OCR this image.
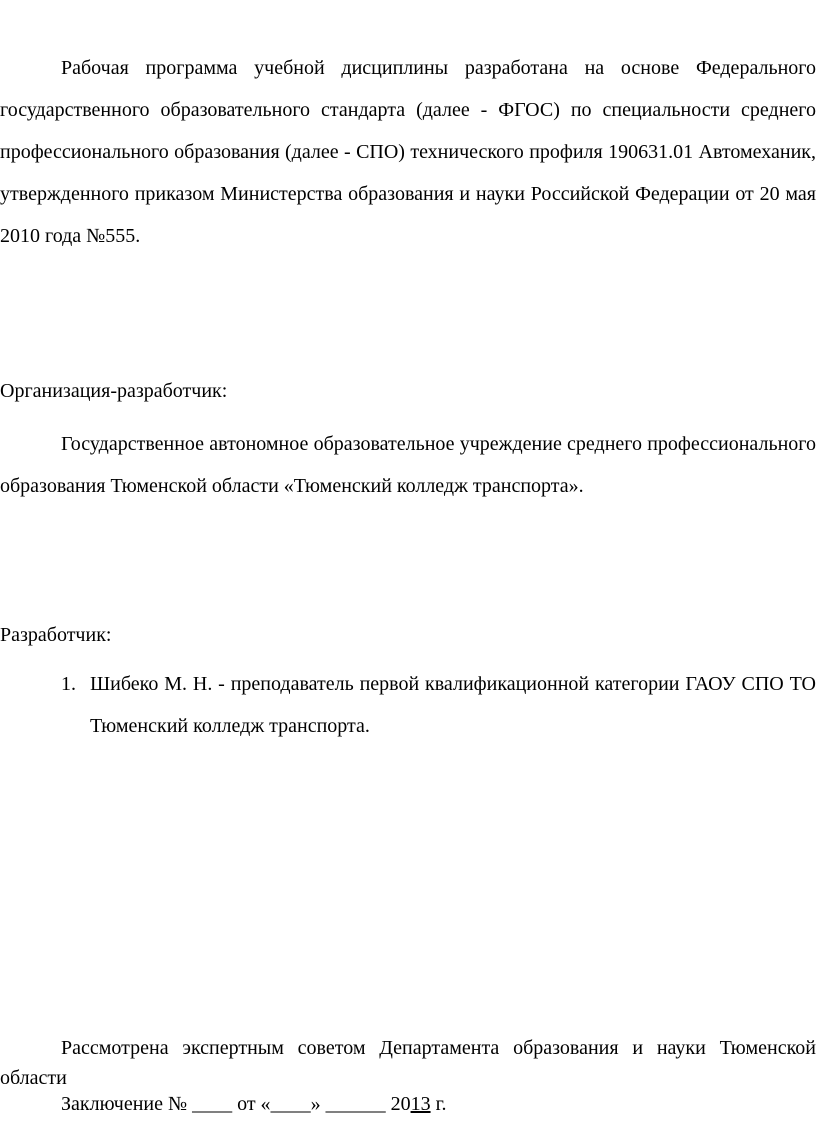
Рабочая программа учебной дисциплины разработана на основе Федерального государственного образовательного стандарта (далее - ФГОС) по специальности среднего профессионального образования (далее - СПО) технического профиля 190631.01 Автомеханик, утвержденного приказом Министерства образования и науки Российской Федерации от 20 мая 2010 года №555.

Организация-разработчик:

Государственное автономное образовательное учреждение среднего профессионального образования Тюменской области «Тюменский колледж транспорта».

Разработчик:

1. Шибеко М. Н. - преподаватель первой квалификационной категории ГАОУ СПО ТО Тюменский колледж транспорта.

Рассмотрена экспертным советом Департамента образования и науки Тюменской области

Заключение № ____ от «____» ______ 2013 г.
